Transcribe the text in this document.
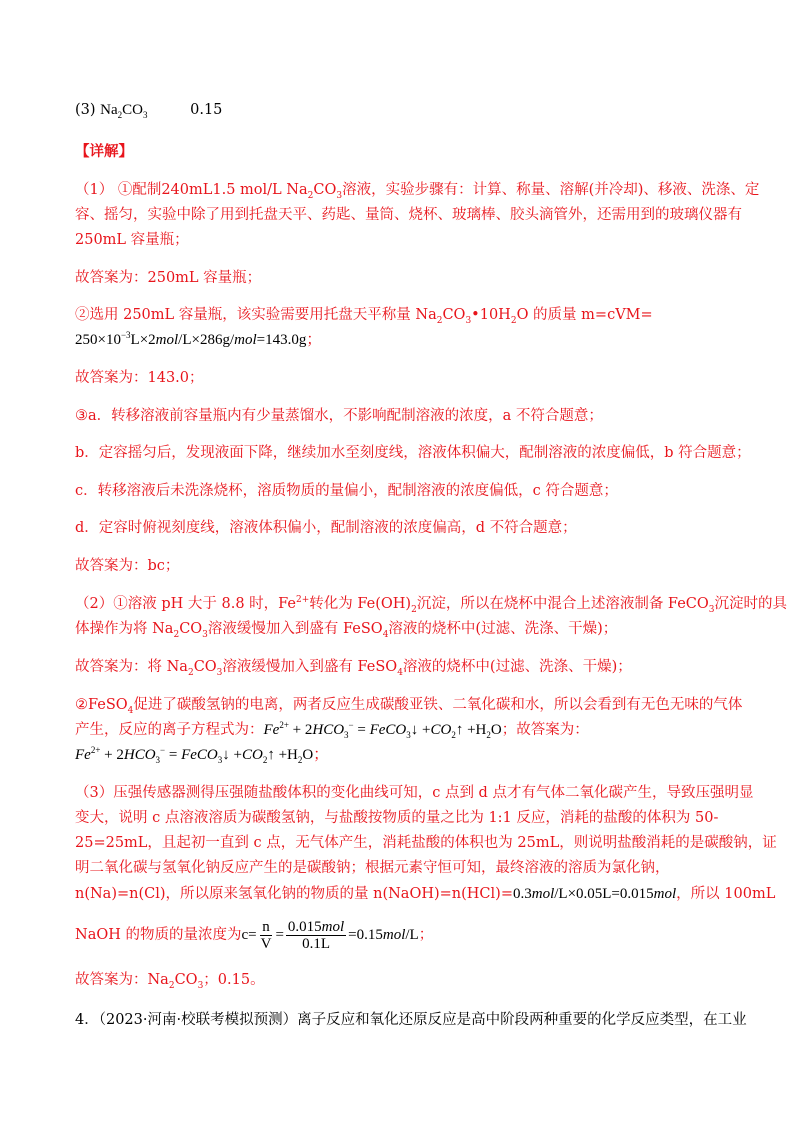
(3) $Na_2CO_3$	0.15
【详解】
（1） ①配制240mL1.5 mol/L $Na_2CO_3$溶液，实验步骤有：计算、称量、溶解(并冷却)、移液、洗涤、定
容、摇匀，实验中除了用到托盘天平、药匙、量筒、烧杯、玻璃棒、胶头滴管外，还需用到的玻璃仪器有
250mL 容量瓶；
故答案为：250mL 容量瓶；
②选用 250mL 容量瓶，该实验需要用托盘天平称量 $Na_2CO_3•10H_2O$ 的质量 m=cVM=
$250\times 10^{-3}L\times 2mol/L\times 286g/mol=143.0g$；
故答案为：143.0；
③a．转移溶液前容量瓶内有少量蒸馏水，不影响配制溶液的浓度，a 不符合题意；
b．定容摇匀后，发现液面下降，继续加水至刻度线，溶液体积偏大，配制溶液的浓度偏低，b 符合题意；
c．转移溶液后未洗涤烧杯，溶质物质的量偏小，配制溶液的浓度偏低，c 符合题意；
d．定容时俯视刻度线，溶液体积偏小，配制溶液的浓度偏高，d 不符合题意；
故答案为：bc；
（2）①溶液 pH 大于 8.8 时，$Fe^{2+}$转化为 $Fe(OH)_2$沉淀，所以在烧杯中混合上述溶液制备 FeCO$_3$沉淀时的具
体操作为将 $Na_2CO_3$溶液缓慢加入到盛有 FeSO$_4$溶液的烧杯中(过滤、洗涤、干燥)；
故答案为：将 $Na_2CO_3$溶液缓慢加入到盛有 FeSO$_4$溶液的烧杯中(过滤、洗涤、干燥)；
②FeSO$_4$促进了碳酸氢钠的电离，两者反应生成碳酸亚铁、二氧化碳和水，所以会看到有无色无味的气体
产生，反应的离子方程式为：$Fe^{2+} + 2HCO_3^-$ = FeCO$_3$↓ $+CO_2↑ +H_2O$；故答案为：
$Fe^{2+} + 2HCO_3^-$ = FeCO$_3$↓ $+CO_2↑ +H_2O$；
（3）压强传感器测得压强随盐酸体积的变化曲线可知，c 点到 d 点才有气体二氧化碳产生，导致压强明显
变大，说明 c 点溶液溶质为碳酸氢钠，与盐酸按物质的量之比为 1:1 反应，消耗的盐酸的体积为 50-
25=25mL，且起初一直到 c 点，无气体产生，消耗盐酸的体积也为 25mL，则说明盐酸消耗的是碳酸钠，证
明二氧化碳与氢氧化钠反应产生的是碳酸钠；根据元素守恒可知，最终溶液的溶质为氯化钠，
n(Na)=n(Cl)，所以原来氢氧化钠的物质的量 n(NaOH)=n(HCl)=0.3mol/L×0.05L=0.015mol，所以 100mL
NaOH 的物质的量浓度为 $c= \frac{n}{V} = \frac{\text{0.015mol}}{0.1L} =0.15$ mol /L ；
故答案为：$Na_2CO_3$；0.15。
4．（2023·河南·校联考模拟预测）离子反应和氧化还原反应是高中阶段两种重要的化学反应类型，在工业
